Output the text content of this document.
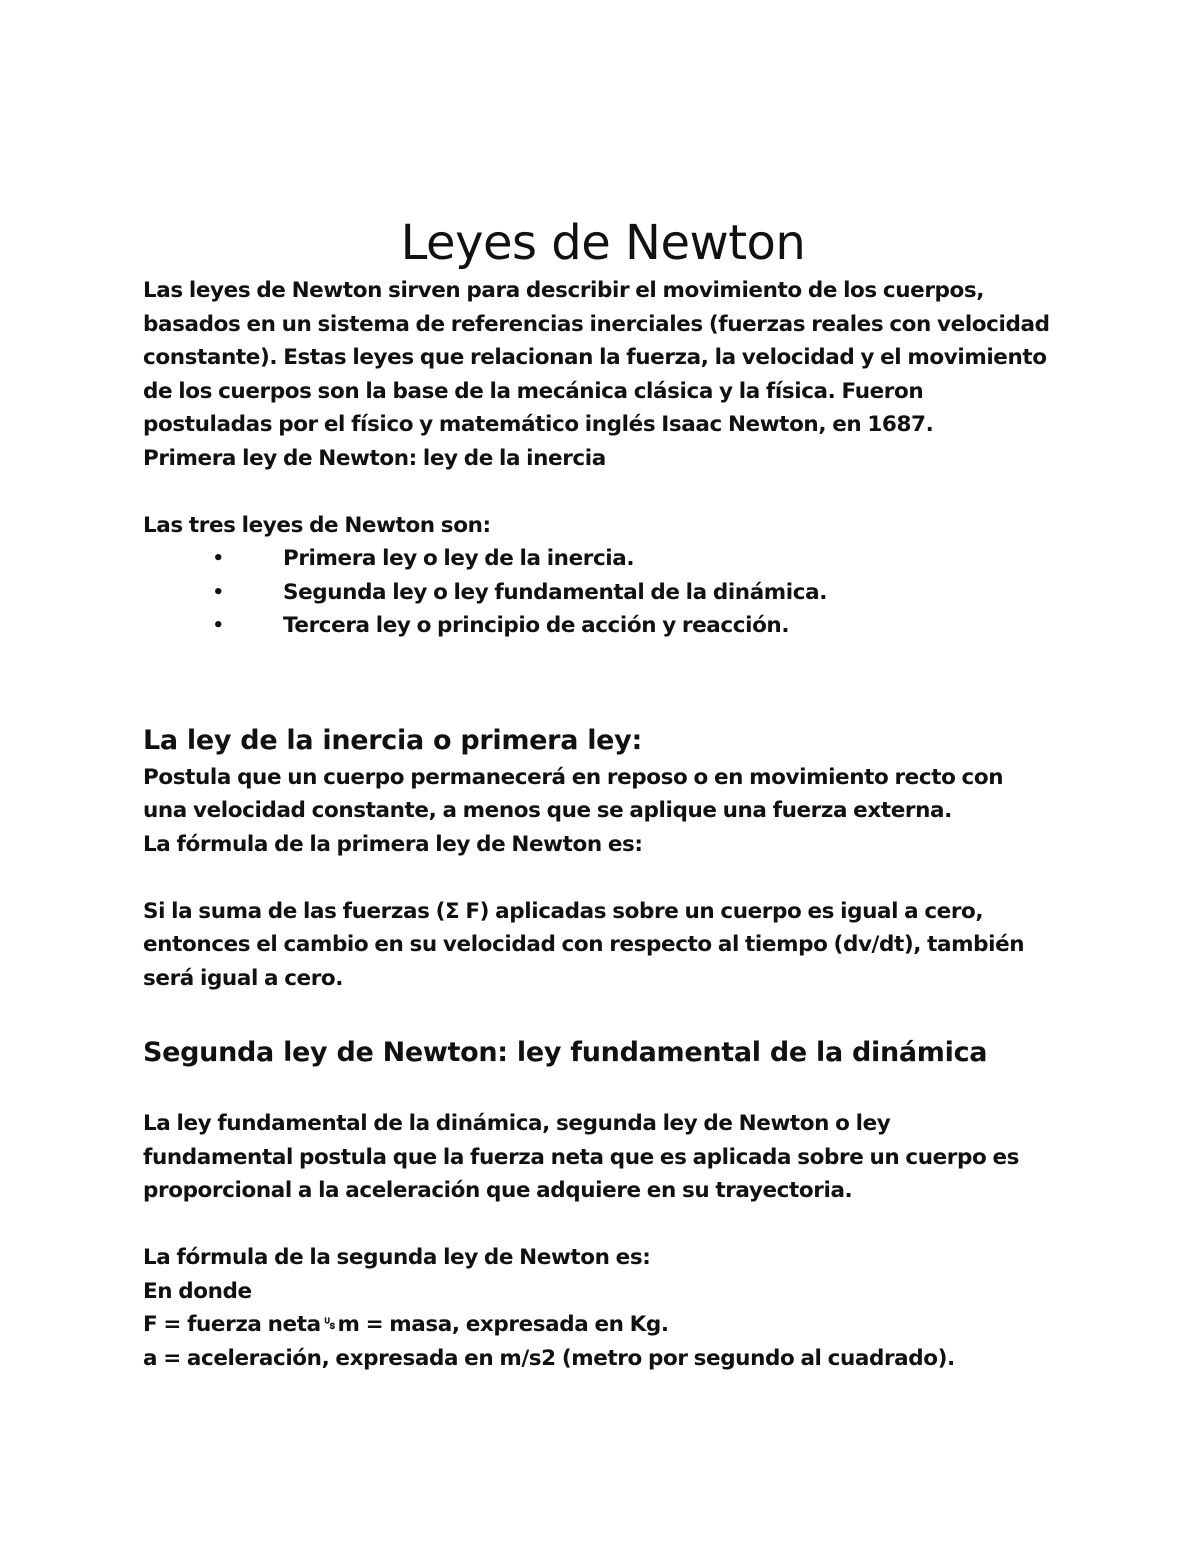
Leyes de Newton

Las leyes de Newton sirven para describir el movimiento de los cuerpos,

basados en un sistema de referencias inerciales (fuerzas reales con velocidad

constante). Estas leyes que relacionan la fuerza, la velocidad y el movimiento

de los cuerpos son la base de la mecánica clásica y la física. Fueron

postuladas por el físico y matemático inglés Isaac Newton, en 1687.

Primera ley de Newton: ley de la inercia

Las tres leyes de Newton son:

•	Primera ley o ley de la inercia.
•	Segunda ley o ley fundamental de la dinámica.
•	Tercera ley o principio de acción y reacción.
La ley de la inercia o primera ley:

Postula que un cuerpo permanecerá en reposo o en movimiento recto con

una velocidad constante, a menos que se aplique una fuerza externa.

La fórmula de la primera ley de Newton es:

Si la suma de las fuerzas (Σ F) aplicadas sobre un cuerpo es igual a cero,

entonces el cambio en su velocidad con respecto al tiempo (dv/dt), también

será igual a cero.

Segunda ley de Newton: ley fundamental de la dinámica

La ley fundamental de la dinámica, segunda ley de Newton o ley

fundamental postula que la fuerza neta que es aplicada sobre un cuerpo es

proporcional a la aceleración que adquiere en su trayectoria.

La fórmula de la segunda ley de Newton es:

En donde

F = fuerza neta␟m = masa, expresada en Kg.

a = aceleración, expresada en m/s2 (metro por segundo al cuadrado).
